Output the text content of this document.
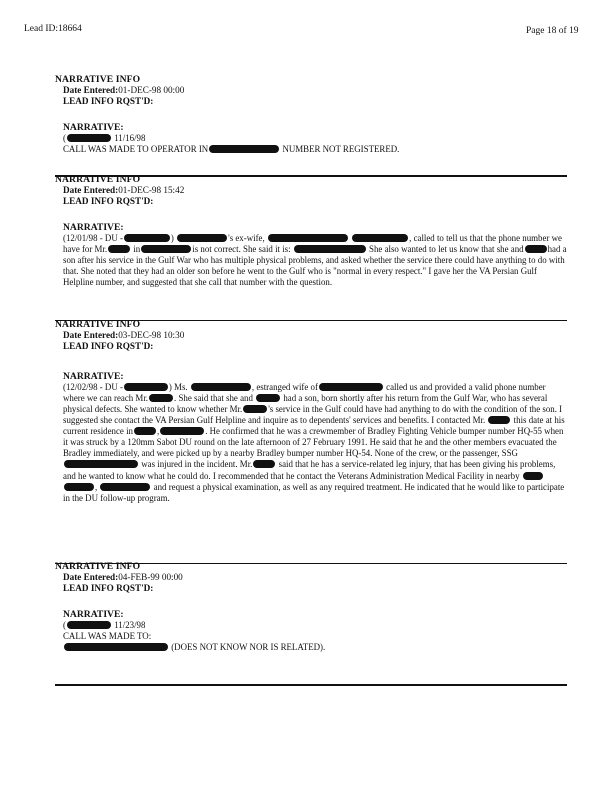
Lead ID:18664	Page 18 of 19
NARRATIVE INFO
Date Entered:01-DEC-98 00:00
LEAD INFO RQST'D:
NARRATIVE:
(	11/16/98
CALL WAS MADE TO OPERATOR IN	NUMBER NOT REGISTERED.
NARRATIVE INFO
Date Entered:01-DEC-98 15:42
LEAD INFO RQST'D:
NARRATIVE:
(12/01/98 - DU -	)	's ex-wife,	, called to tell us that the phone number we have for Mr.	in	is not correct. She said it is:	She also wanted to let us know that she and	had a son after his service in the Gulf War who has multiple physical problems, and asked whether the service there could have anything to do with that. She noted that they had an older son before he went to the Gulf who is "normal in every respect." I gave her the VA Persian Gulf Helpline number, and suggested that she call that number with the question.
NARRATIVE INFO
Date Entered:03-DEC-98 10:30
LEAD INFO RQST'D:
NARRATIVE:
(12/02/98 - DU -	) Ms.	, estranged wife of	called us and provided a valid phone number where we can reach Mr.	. She said that she and	had a son, born shortly after his return from the Gulf War, who has several physical defects. She wanted to know whether Mr.	's service in the Gulf could have had anything to do with the condition of the son. I suggested she contact the VA Persian Gulf Helpline and inquire as to dependents' services and benefits. I contacted Mr.	this date at his current residence in	,	. He confirmed that he was a crewmember of Bradley Fighting Vehicle bumper number HQ-55 when it was struck by a 120mm Sabot DU round on the late afternoon of 27 February 1991. He said that he and the other members evacuated the Bradley immediately, and were picked up by a nearby Bradley bumper number HQ-54. None of the crew, or the passenger, SSG  was injured in the incident. Mr.	said that he has a service-related leg injury, that has been giving his problems, and he wanted to know what he could do. I recommended that he contact the Veterans Administration Medical Facility in nearby  ,	and request a physical examination, as well as any required treatment. He indicated that he would like to participate in the DU follow-up program.
NARRATIVE INFO
Date Entered:04-FEB-99 00:00
LEAD INFO RQST'D:
NARRATIVE:
(	11/23/98
CALL WAS MADE TO:
(DOES NOT KNOW NOR IS RELATED).
